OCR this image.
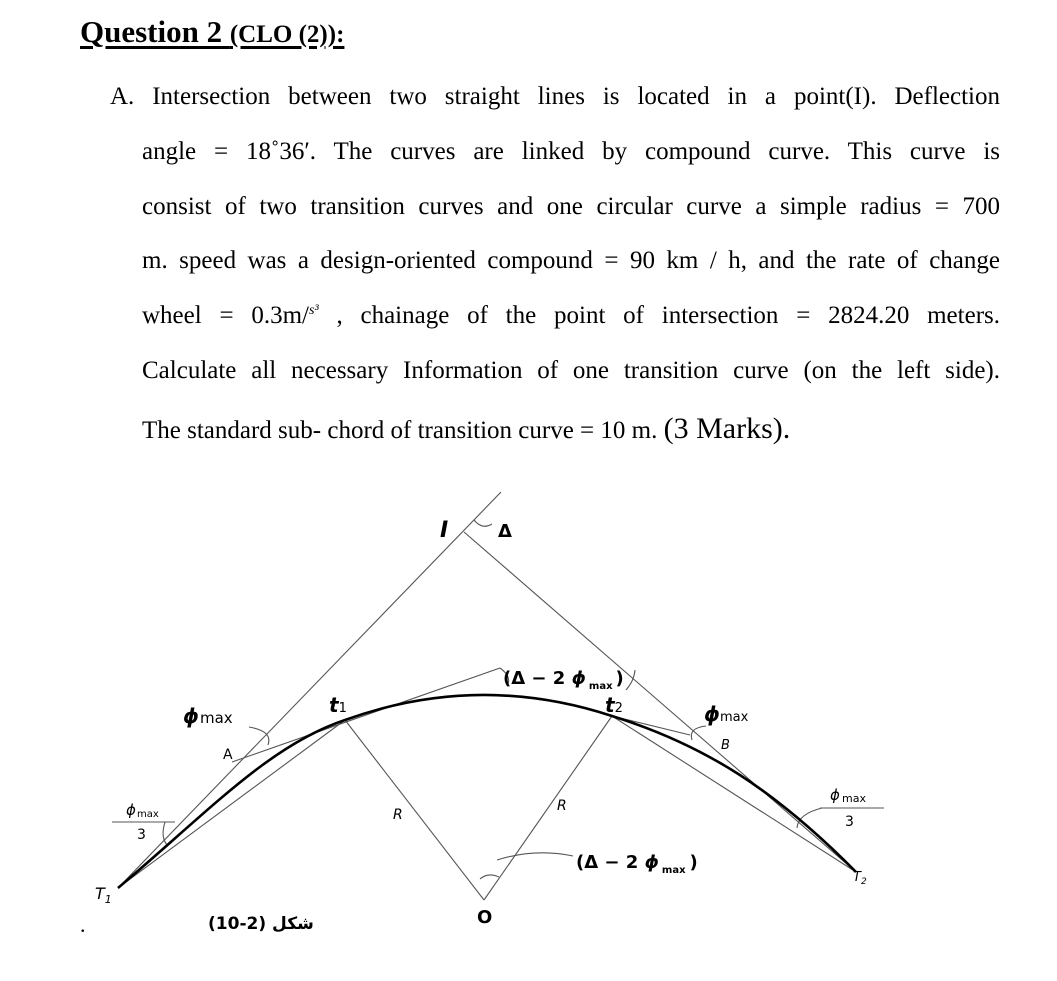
Question 2 (CLO (2)):
A. Intersection between two straight lines is located in a point(I). Deflection
angle = 18˚36′. The curves are linked by compound curve. This curve is
consist of two transition curves and one circular curve a simple radius = 700
m. speed was a design-oriented compound = 90 km / h, and the rate of change
wheel = 0.3m/$^{s^3}$ , chainage of the point of intersection = 2824.20 meters.
Calculate all necessary Information of one transition curve (on the left side).
The standard sub- chord of transition curve = 10 m. (3 Marks).
I	Δ
(Δ − 2 ϕ $_{max}$ )
ϕ max
A
t1	t2	ϕ max
B
ϕ max
3
ϕ max
3
R
R
(Δ − 2 ϕ $_{max}$ )
O
$T_1$
$T_2$
شكل (2-10)
.
